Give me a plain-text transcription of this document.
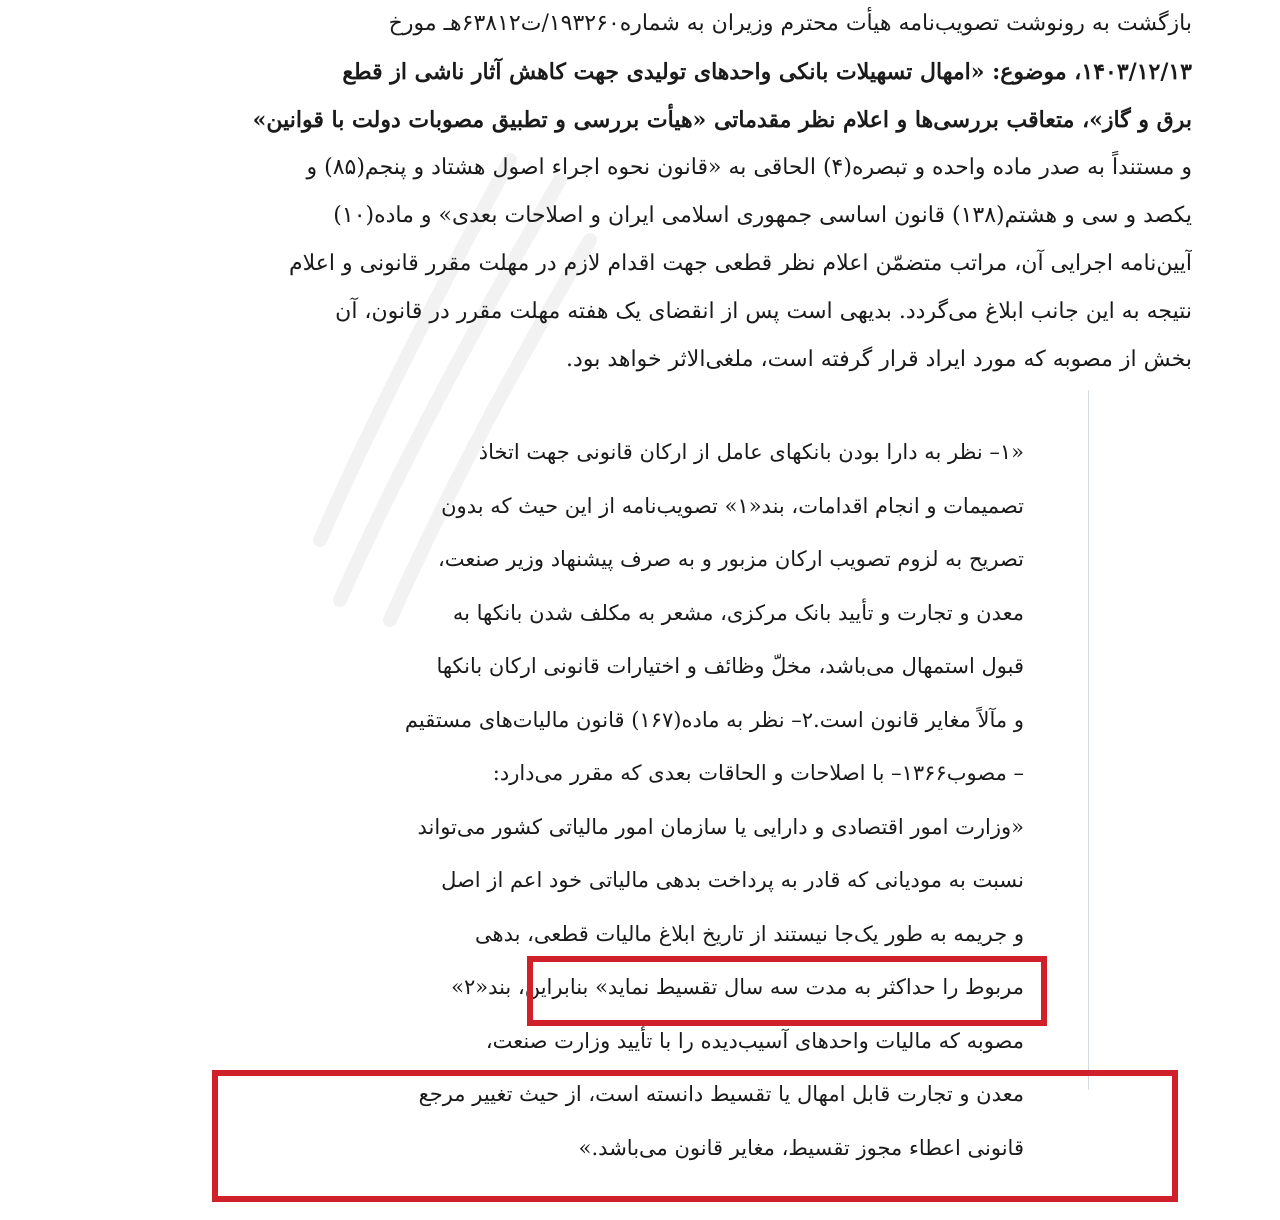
بازگشت به رونوشت تصویب‌نامه هیأت محترم وزیران به شماره۱۹۳۲۶۰/ت۶۳۸۱۲هـ مورخ
۱۴۰۳/۱۲/۱۳، موضوع: «امهال تسهیلات بانکی واحدهای تولیدی جهت کاهش آثار ناشی از قطع
برق و گاز»، متعاقب بررسی‌ها و اعلام نظر مقدماتی «هیأت بررسی و تطبیق مصوبات دولت با قوانین»
و مستنداً به صدر ماده واحده و تبصره(۴) الحاقی به «قانون نحوه اجراء اصول هشتاد و پنجم(۸۵) و
یکصد و سی و هشتم(۱۳۸) قانون اساسی جمهوری اسلامی ایران و اصلاحات بعدی» و ماده(۱۰)
آیین‌نامه اجرایی آن، مراتب متضمّن اعلام نظر قطعی جهت اقدام لازم در مهلت مقرر قانونی و اعلام
نتیجه به این جانب ابلاغ می‌گردد. بدیهی است پس از انقضای یک هفته مهلت مقرر در قانون، آن
بخش از مصوبه که مورد ایراد قرار گرفته است، ملغی‌الاثر خواهد بود.
«۱– نظر به دارا بودن بانکهای عامل از ارکان قانونی جهت اتخاذ
تصمیمات و انجام اقدامات، بند«۱» تصویب‌نامه از این حیث که بدون
تصریح به لزوم تصویب ارکان مزبور و به صرف پیشنهاد وزیر صنعت،
معدن و تجارت و تأیید بانک مرکزی، مشعر به مکلف شدن بانکها به
قبول استمهال می‌باشد، مخلّ وظائف و اختیارات قانونی ارکان بانکها
و مآلاً مغایر قانون است.۲– نظر به ماده(۱۶۷) قانون مالیات‌های مستقیم
– مصوب۱۳۶۶– با اصلاحات و الحاقات بعدی که مقرر می‌دارد:
«وزارت امور اقتصادی و دارایی یا سازمان امور مالیاتی کشور می‌تواند
نسبت به مودیانی که قادر به پرداخت بدهی مالیاتی خود اعم از اصل
و جریمه به طور یک‌جا نیستند از تاریخ ابلاغ مالیات قطعی، بدهی
مربوط را حداکثر به مدت سه سال تقسیط نماید» بنابراین، بند«۲»
مصوبه که مالیات واحدهای آسیب‌دیده را با تأیید وزارت صنعت،
معدن و تجارت قابل امهال یا تقسیط دانسته است، از حیث تغییر مرجع
قانونی اعطاء مجوز تقسیط، مغایر قانون می‌باشد.»
